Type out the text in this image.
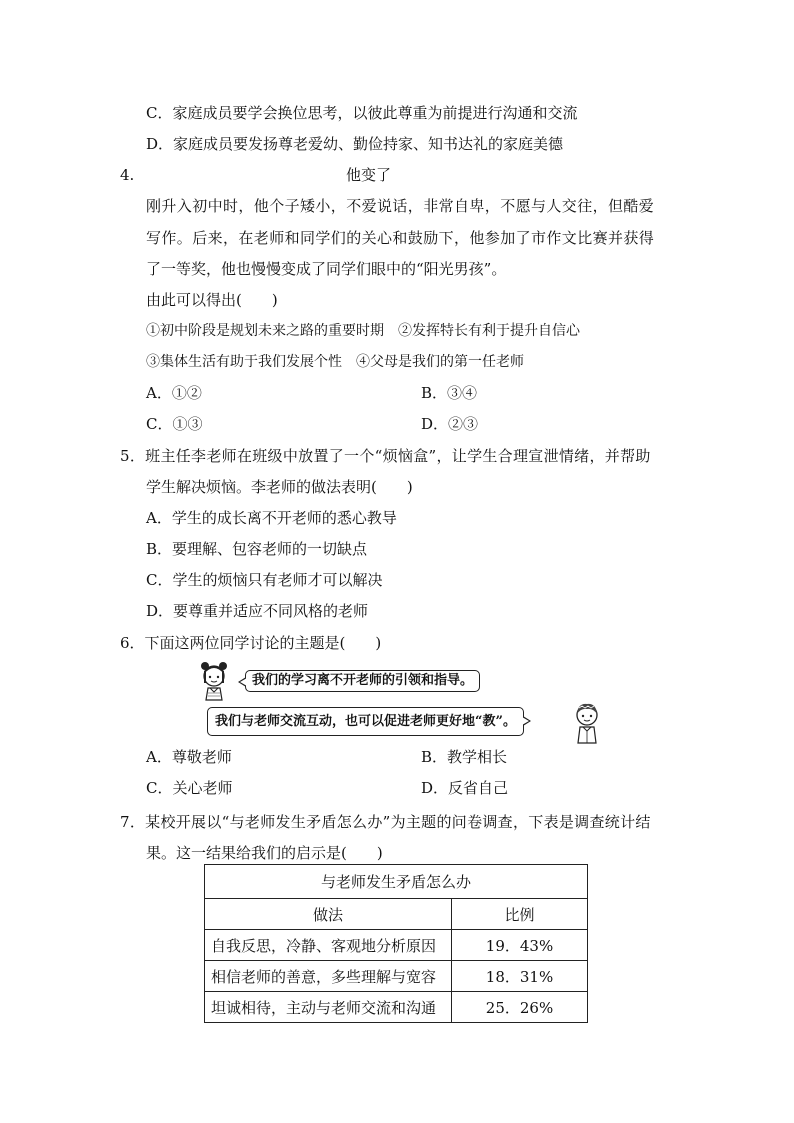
C．家庭成员要学会换位思考，以彼此尊重为前提进行沟通和交流
D．家庭成员要发扬尊老爱幼、勤俭持家、知书达礼的家庭美德
4.	他变了
刚升入初中时，他个子矮小，不爱说话，非常自卑，不愿与人交往，但酷爱
写作。后来，在老师和同学们的关心和鼓励下，他参加了市作文比赛并获得
了一等奖，他也慢慢变成了同学们眼中的“阳光男孩”。
由此可以得出(　　)
①初中阶段是规划未来之路的重要时期　②发挥特长有利于提升自信心
③集体生活有助于我们发展个性　④父母是我们的第一任老师
A．①②	B．③④
C．①③	D．②③
5．班主任李老师在班级中放置了一个“烦恼盒”，让学生合理宣泄情绪，并帮助
学生解决烦恼。李老师的做法表明(　　)
A．学生的成长离不开老师的悉心教导
B．要理解、包容老师的一切缺点
C．学生的烦恼只有老师才可以解决
D．要尊重并适应不同风格的老师
6．下面这两位同学讨论的主题是(　　)
我们的学习离不开老师的引领和指导。
我们与老师交流互动，也可以促进老师更好地“教”。
A．尊敬老师	B．教学相长
C．关心老师	D．反省自己
7．某校开展以“与老师发生矛盾怎么办”为主题的问卷调查，下表是调查统计结
果。这一结果给我们的启示是(　　)
与老师发生矛盾怎么办	
做法	比例
自我反思，冷静、客观地分析原因	19．43%
相信老师的善意，多些理解与宽容	18．31%
坦诚相待，主动与老师交流和沟通	25．26%
